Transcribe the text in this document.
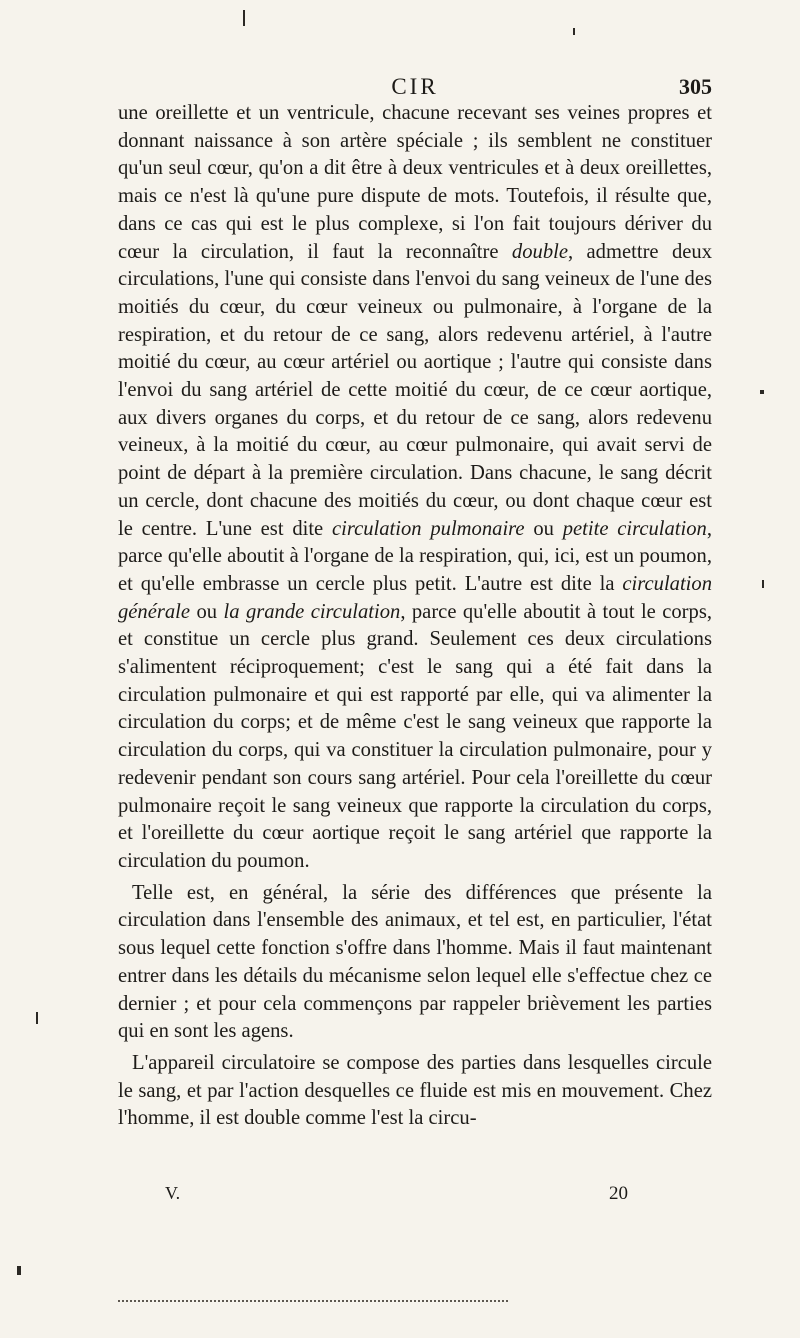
CIR	305

une oreillette et un ventricule, chacune recevant ses veines propres et donnant naissance à son artère spéciale ; ils semblent ne constituer qu'un seul cœur, qu'on a dit être à deux ventricules et à deux oreillettes, mais ce n'est là qu'une pure dispute de mots. Toutefois, il résulte que, dans ce cas qui est le plus complexe, si l'on fait toujours dériver du cœur la circulation, il faut la reconnaître double, admettre deux circulations, l'une qui consiste dans l'envoi du sang veineux de l'une des moitiés du cœur, du cœur veineux ou pulmonaire, à l'organe de la respiration, et du retour de ce sang, alors redevenu artériel, à l'autre moitié du cœur, au cœur artériel ou aortique ; l'autre qui consiste dans l'envoi du sang artériel de cette moitié du cœur, de ce cœur aortique, aux divers organes du corps, et du retour de ce sang, alors redevenu veineux, à la moitié du cœur, au cœur pulmonaire, qui avait servi de point de départ à la première circulation. Dans chacune, le sang décrit un cercle, dont chacune des moitiés du cœur, ou dont chaque cœur est le centre. L'une est dite circulation pulmonaire ou petite circulation, parce qu'elle aboutit à l'organe de la respiration, qui, ici, est un poumon, et qu'elle embrasse un cercle plus petit. L'autre est dite la circulation générale ou la grande circulation, parce qu'elle aboutit à tout le corps, et constitue un cercle plus grand. Seulement ces deux circulations s'alimentent réciproquement; c'est le sang qui a été fait dans la circulation pulmonaire et qui est rapporté par elle, qui va alimenter la circulation du corps; et de même c'est le sang veineux que rapporte la circulation du corps, qui va constituer la circulation pulmonaire, pour y redevenir pendant son cours sang artériel. Pour cela l'oreillette du cœur pulmonaire reçoit le sang veineux que rapporte la circulation du corps, et l'oreillette du cœur aortique reçoit le sang artériel que rapporte la circulation du poumon.

Telle est, en général, la série des différences que présente la circulation dans l'ensemble des animaux, et tel est, en particulier, l'état sous lequel cette fonction s'offre dans l'homme. Mais il faut maintenant entrer dans les détails du mécanisme selon lequel elle s'effectue chez ce dernier ; et pour cela commençons par rappeler brièvement les parties qui en sont les agens.

L'appareil circulatoire se compose des parties dans lesquelles circule le sang, et par l'action desquelles ce fluide est mis en mouvement. Chez l'homme, il est double comme l'est la circu-

V.	20
